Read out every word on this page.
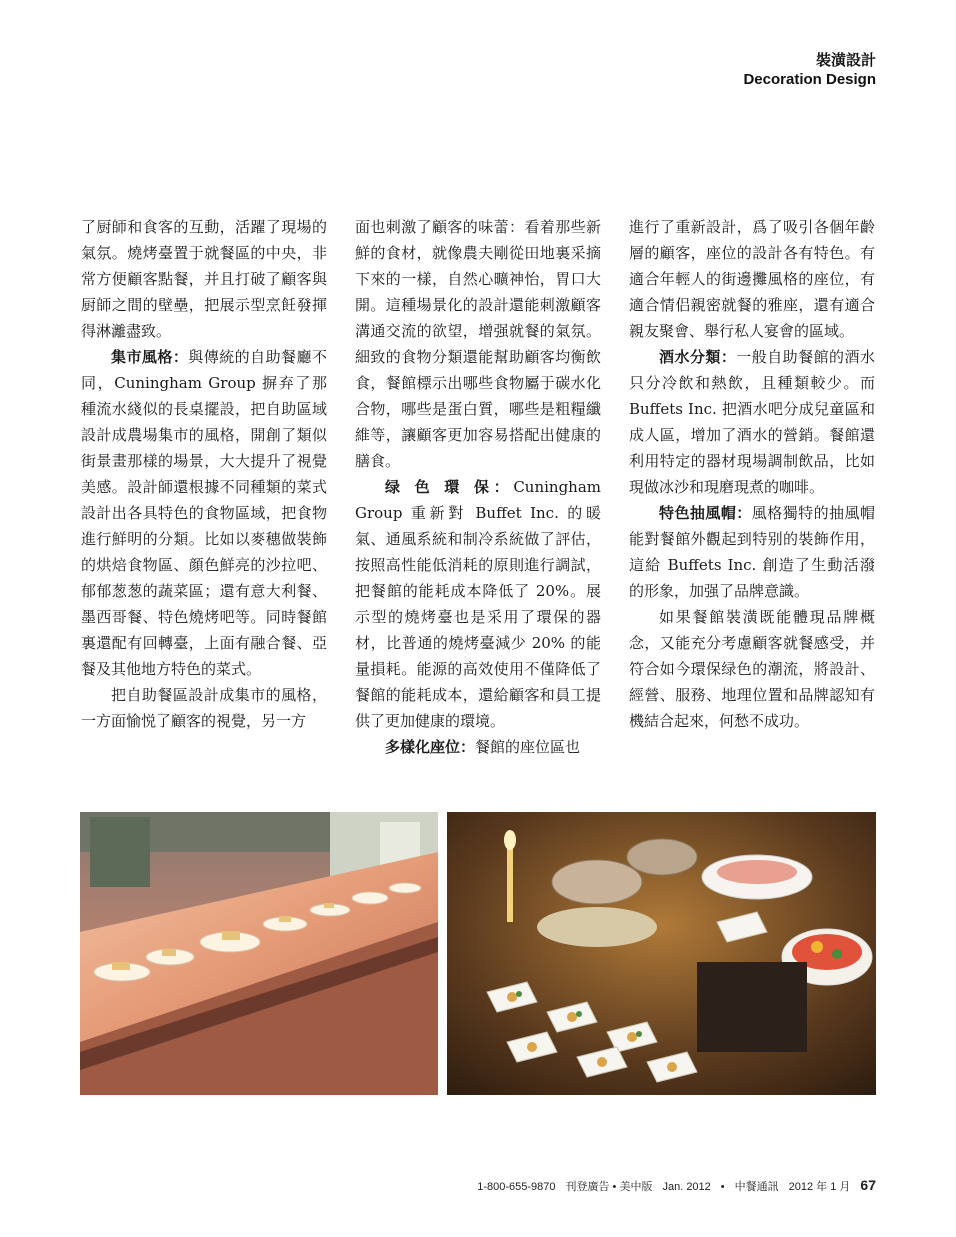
裝潢設計
Decoration Design

了厨師和食客的互動，活躍了現場的氣氛。燒烤臺置于就餐區的中央，非常方便顧客點餐，并且打破了顧客與厨師之間的壁壘，把展示型烹飪發揮得淋灕盡致。

集市風格：與傳統的自助餐廳不同，Cuningham Group 摒弃了那種流水綫似的長桌擺設，把自助區域設計成農場集市的風格，開創了類似街景畫那樣的場景，大大提升了視覺美感。設計師還根據不同種類的菜式設計出各具特色的食物區域，把食物進行鮮明的分類。比如以麥穗做裝飾的烘焙食物區、顔色鮮亮的沙拉吧、郁郁葱葱的蔬菜區；還有意大利餐、墨西哥餐、特色燒烤吧等。同時餐館裏還配有回轉臺，上面有融合餐、亞餐及其他地方特色的菜式。

把自助餐區設計成集市的風格，一方面愉悦了顧客的視覺，另一方

面也刺激了顧客的味蕾：看着那些新鮮的食材，就像農夫剛從田地裏采摘下來的一樣，自然心曠神怡，胃口大開。這種場景化的設計還能刺激顧客溝通交流的欲望，增强就餐的氣氛。細致的食物分類還能幫助顧客均衡飲食，餐館標示出哪些食物屬于碳水化合物，哪些是蛋白質，哪些是粗糧纖維等，讓顧客更加容易搭配出健康的膳食。

绿 色 環 保：Cuningham Group 重新對 Buffet Inc. 的暖氣、通風系統和制冷系統做了評估，按照高性能低消耗的原則進行調試，把餐館的能耗成本降低了 20%。展示型的燒烤臺也是采用了環保的器材，比普通的燒烤臺減少 20% 的能量損耗。能源的高效使用不僅降低了餐館的能耗成本，還給顧客和員工提供了更加健康的環境。

多樣化座位：餐館的座位區也

進行了重新設計，爲了吸引各個年齡層的顧客，座位的設計各有特色。有適合年輕人的街邊攤風格的座位，有適合情侣親密就餐的雅座，還有適合親友聚會、舉行私人宴會的區域。

酒水分類：一般自助餐館的酒水只分冷飲和熱飲，且種類較少。而 Buffets Inc. 把酒水吧分成兒童區和成人區，增加了酒水的營銷。餐館還利用特定的器材現場調制飲品，比如現做冰沙和現磨現煮的咖啡。

特色抽風帽：風格獨特的抽風帽能對餐館外觀起到特别的裝飾作用，這給 Buffets Inc. 創造了生動活潑的形象，加强了品牌意識。

如果餐館裝潢既能體現品牌概念，又能充分考慮顧客就餐感受，并符合如今環保绿色的潮流，將設計、經營、服務、地理位置和品牌認知有機結合起來，何愁不成功。

1-800-655-9870 刊登廣告 • 美中版 Jan. 2012 • 中餐通訊 2012 年 1 月 67
